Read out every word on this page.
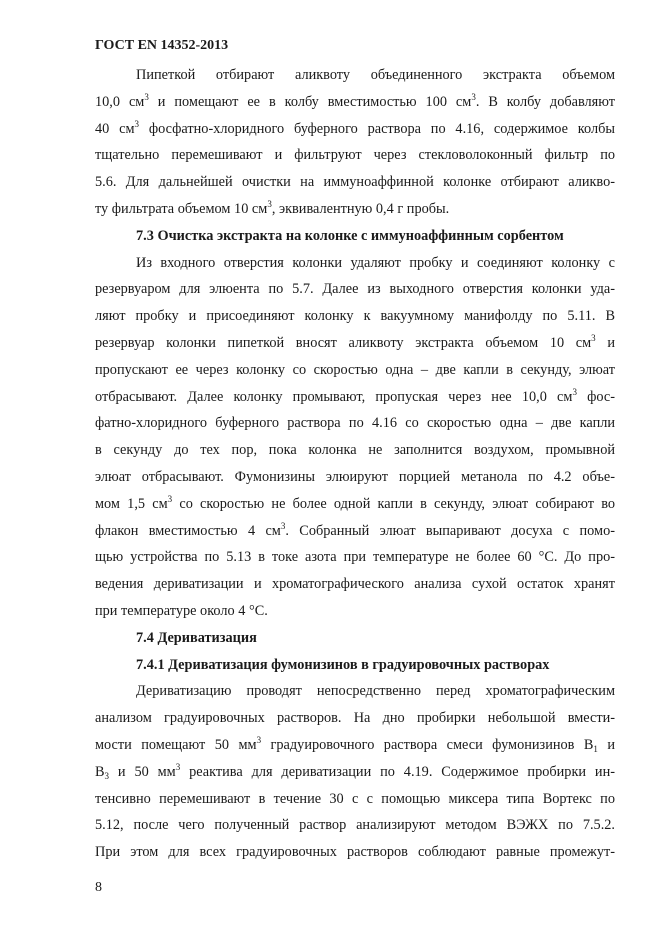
ГОСТ EN 14352-2013
Пипеткой отбирают аликвоту объединенного экстракта объемом
10,0 $см^3$ и помещают ее в колбу вместимостью 100 $см^3$. В колбу добавляют
40 $см^3$ фосфатно-хлоридного буферного раствора по 4.16, содержимое колбы
тщательно перемешивают и фильтруют через стекловолоконный фильтр по
5.6. Для дальнейшей очистки на иммуноаффинной колонке отбирают аликво-
ту фильтрата объемом 10 $см^3$, эквивалентную 0,4 г пробы.
7.3 Очистка экстракта на колонке с иммуноаффинным сорбентом
Из входного отверстия колонки удаляют пробку и соединяют колонку с
резервуаром для элюента по 5.7. Далее из выходного отверстия колонки уда-
ляют пробку и присоединяют колонку к вакуумному манифолду по 5.11. В
резервуар колонки пипеткой вносят аликвоту экстракта объемом 10 $см^3$ и
пропускают ее через колонку со скоростью одна – две капли в секунду, элюат
отбрасывают. Далее колонку промывают, пропуская через нее 10,0 $см^3$ фос-
фатно-хлоридного буферного раствора по 4.16 со скоростью одна – две капли
в секунду до тех пор, пока колонка не заполнится воздухом, промывной
элюат отбрасывают. Фумонизины элюируют порцией метанола по 4.2 объе-
мом 1,5 $см^3$ со скоростью не более одной капли в секунду, элюат собирают во
флакон вместимостью 4 $см^3$. Собранный элюат выпаривают досуха с помо-
щью устройства по 5.13 в токе азота при температуре не более 60 °С. До про-
ведения дериватизации и хроматографического анализа сухой остаток хранят
при температуре около 4 °С.
7.4 Дериватизация
7.4.1 Дериватизация фумонизинов в градуировочных растворах
Дериватизацию проводят непосредственно перед хроматографическим
анализом градуировочных растворов. На дно пробирки небольшой вмести-
мости помещают 50 $мм^3$ градуировочного раствора смеси фумонизинов $В_1$ и
$В_3$ и 50 $мм^3$ реактива для дериватизации по 4.19. Содержимое пробирки ин-
тенсивно перемешивают в течение 30 с с помощью миксера типа Вортекс по
5.12, после чего полученный раствор анализируют методом ВЭЖХ по 7.5.2.
При этом для всех градуировочных растворов соблюдают равные промежут-
8
